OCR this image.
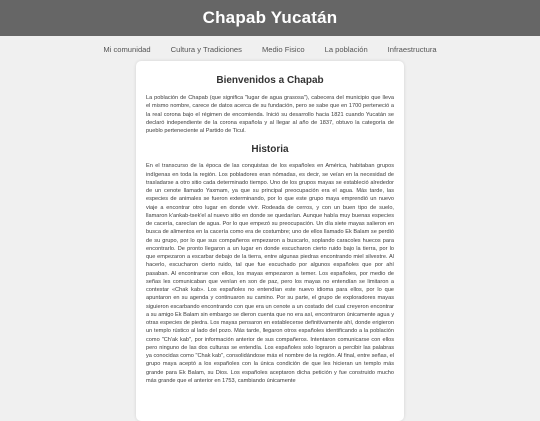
Chapab Yucatán
Mi comunidad	Cultura y Tradiciones	Medio Fisico	La población	Infraestructura
Bienvenidos a Chapab

La población de Chapab (que significa "lugar de agua grasosa"), cabecera del municipio que lleva el mismo nombre, carece de datos acerca de su fundación, pero se sabe que en 1700 perteneció a la real corona bajo el régimen de encomienda. Inició su desarrollo hacia 1821 cuando Yucatán se declaró independiente de la corona española y al llegar al año de 1837, obtuvo la categoría de pueblo perteneciente al Partido de Ticul.

Historia

En el transcurso de la época de las conquistas de los españoles en América, habitaban grupos indígenas en toda la región. Los pobladores eran nómadas, es decir, se veían en la necesidad de trasladarse a otro sitio cada determinado tiempo. Uno de los grupos mayas se estableció alrededor de un cenote llamado Yaxmam, ya que su principal preocupación era el agua. Más tarde, las especies de animales se fueron exterminando, por lo que este grupo maya emprendió un nuevo viaje a encontrar otro lugar en donde vivir. Rodeada de cerros, y con un buen tipo de suelo, llamaron k'ankab-tsek'el al nuevo sitio en donde se quedarían. Aunque había muy buenas especies de cacería, carecían de agua. Por lo que empezó su preocupación. Un día siete mayas salieron en busca de alimentos en la cacería como era de costumbre; uno de ellos llamado Ek Balam se perdió de su grupo, por lo que sus compañeros empezaron a buscarlo, soplando caracoles huecos para encontrarlo. De pronto llegaron a un lugar en donde escucharon cierto ruido bajo la tierra, por lo que empezaron a escarbar debajo de la tierra, entre algunas piedras encontrando miel silvestre. Al hacerlo, escucharon cierto ruido, tal que fue escuchado por algunos españoles que por ahí pasaban. Al encontrarse con ellos, los mayas empezaron a temer. Los españoles, por medio de señas les comunicaban que venían en son de paz, pero los mayas no entendían se limitaron a contestar «Chak kab». Los españoles no entendían este nuevo idioma para ellos, por lo que apuntaron en su agenda y continuaron su camino. Por su parte, el grupo de exploradores mayas siguieron escarbando encontrando con que era un cenote a un costado del cual creyeron encontrar a su amigo Ek Balam sin embargo se dieron cuenta que no era así, encontraron únicamente agua y otras especies de piedra. Los mayas pensaron en establecerse definitivamente ahí, donde erigieron un templo rústico al lado del pozo. Más tarde, llegaron otros españoles identificando a la población como "Ch'ak kab", por información anterior de sus compañeros. Intentaron comunicarse con ellos pero ninguno de las dos culturas se entendía. Los españoles solo lograron a percibir las palabras ya conocidas como "Chak kab", consolidándose más el nombre de la región. Al final, entre señas, el grupo maya aceptó a los españoles con la única condición de que les hicieran un templo más grande para Ek Balam, su Dios. Los españoles aceptaron dicha petición y fue construido mucho más grande que el anterior en 1753, cambiando únicamente
